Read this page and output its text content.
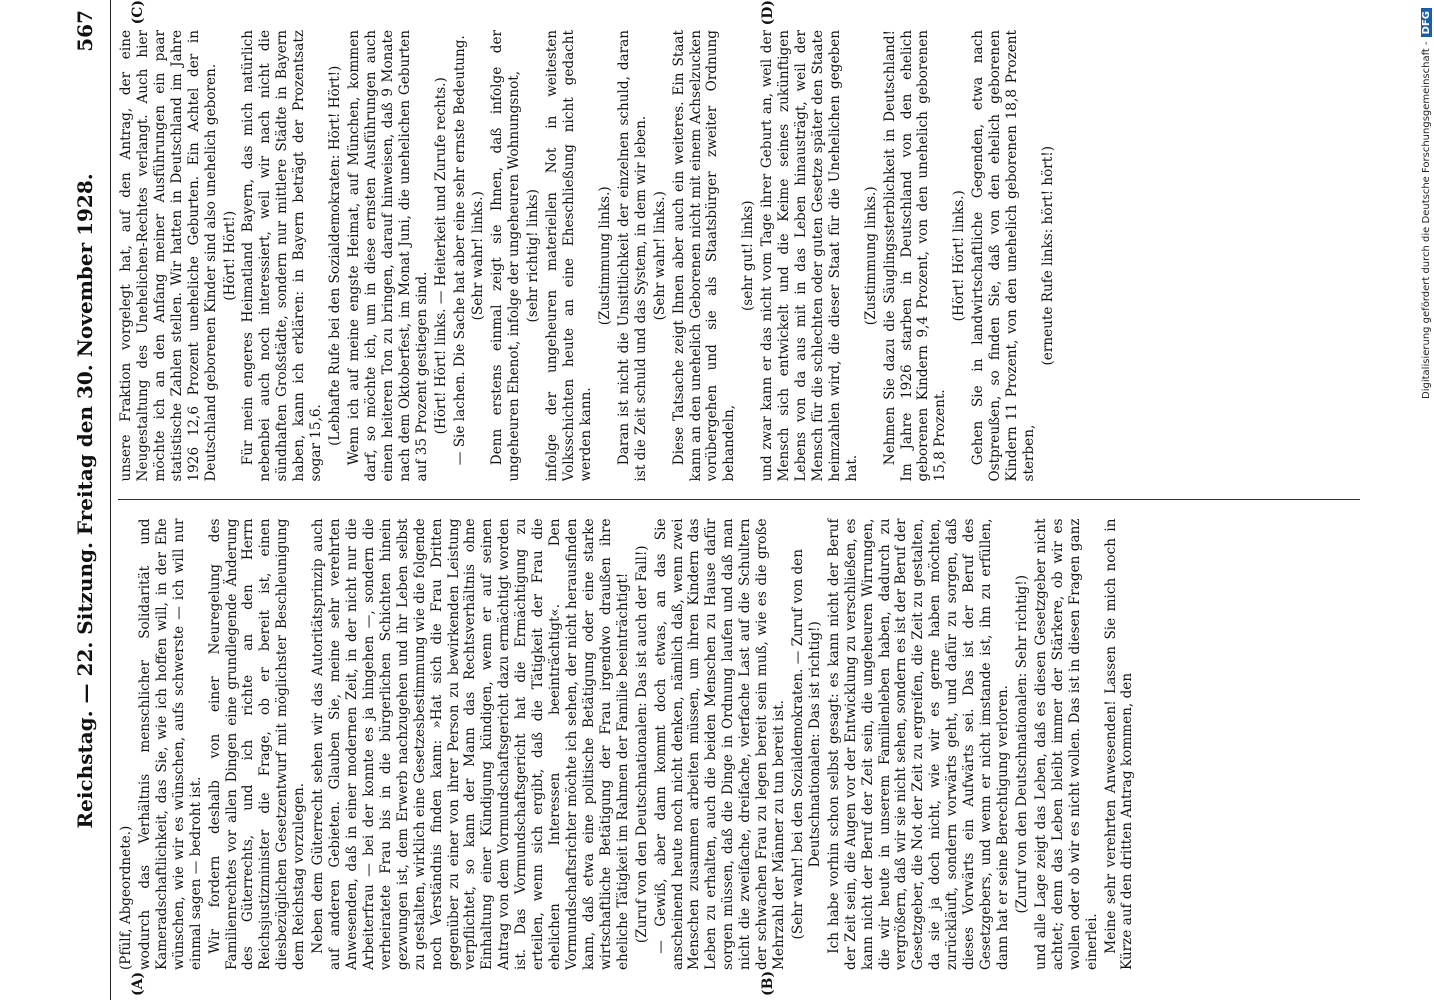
Reichstag. — 22. Sitzung. Freitag den 30. November 1928.
567

(Pfülf, Abgeordnete.) wodurch das Verhältnis menschlicher Solidarität und Kameradschaftlichkeit, das Sie, wie ich hoffen will, in der Ehe wünschen, wie wir es wünschen, aufs schwerste — ich will nur einmal sagen — bedroht ist. Wir fordern deshalb von einer Neuregelung des Familienrechtes vor allen Dingen eine grundlegende Änderung des Güterrechts, und ich richte an den Herrn Reichsjustizminister die Frage, ob er bereit ist, einen diesbezüglichen Gesetzentwurf mit möglichster Beschleunigung dem Reichstag vorzulegen. Neben dem Güterrecht sehen wir das Autoritätsprinzip auch auf anderen Gebieten. Glauben Sie, meine sehr verehrten Anwesenden, daß in einer modernen Zeit, in der nicht nur die Arbeiterfrau — bei der konnte es ja hingehen —, sondern die verheiratete Frau bis in die bürgerlichen Schichten hinein gezwungen ist, dem Erwerb nachzugehen und ihr Leben selbst zu gestalten, wirklich eine Gesetzesbestimmung wie die folgende noch Verständnis finden kann: »Hat sich die Frau Dritten gegenüber zu einer von ihrer Person zu bewirkenden Leistung verpflichtet, so kann der Mann das Rechtsverhältnis ohne Einhaltung einer Kündigung kündigen, wenn er auf seinen Antrag von dem Vormundschaftsgericht dazu ermächtigt worden ist. Das Vormundschaftsgericht hat die Ermächtigung zu erteilen, wenn sich ergibt, daß die Tätigkeit der Frau die ehelichen Interessen beeinträchtigt«. Den Vormundschaftsrichter möchte ich sehen, der nicht herausfinden kann, daß etwa eine politische Betätigung oder eine starke wirtschaftliche Betätigung der Frau irgendwo draußen ihre eheliche Tätigkeit im Rahmen der Familie beeinträchtigt! (Zuruf von den Deutschnationalen: Das ist auch der Fall!) — Gewiß, aber dann kommt doch etwas, an das Sie anscheinend heute noch nicht denken, nämlich daß, wenn zwei Menschen zusammen arbeiten müssen, um ihren Kindern das Leben zu erhalten, auch die beiden Menschen zu Hause dafür sorgen müssen, daß die Dinge in Ordnung laufen und daß man nicht die zweifache, dreifache, vierfache Last auf die Schultern der schwachen Frau zu legen bereit sein muß, wie es die große Mehrzahl der Männer zu tun bereit ist. (Sehr wahr! bei den Sozialdemokraten. — Zuruf von den Deutschnationalen: Das ist richtig!) Ich habe vorhin schon selbst gesagt: es kann nicht der Beruf der Zeit sein, die Augen vor der Entwicklung zu verschließen, es kann nicht der Beruf der Zeit sein, die ungeheuren Wirrungen, die wir heute in unserem Familienleben haben, dadurch zu vergrößern, daß wir sie nicht sehen, sondern es ist der Beruf der Gesetzgeber, die Not der Zeit zu ergreifen, die Zeit zu gestalten, da sie ja doch nicht, wie wir es gerne haben möchten, zurückläuft, sondern vorwärts geht, und dafür zu sorgen, daß dieses Vorwärts ein Aufwärts sei. Das ist der Beruf des Gesetzgebers, und wenn er nicht imstande ist, ihn zu erfüllen, dann hat er seine Berechtigung verloren. (Zuruf von den Deutschnationalen: Sehr richtig!) und alle Lage zeigt das Leben, daß es diesen Gesetzgeber nicht achtet; denn das Leben bleibt immer der Stärkere, ob wir es wollen oder ob wir es nicht wollen. Das ist in diesen Fragen ganz einerlei. Meine sehr verehrten Anwesenden! Lassen Sie mich noch in Kürze auf den dritten Antrag kommen, den

unsere Fraktion vorgelegt hat, auf den Antrag, der eine Neugestaltung des Unehelichen-Rechtes verlangt. Auch hier möchte ich an den Anfang meiner Ausführungen ein paar statistische Zahlen stellen. Wir hatten in Deutschland im Jahre 1926 12,6 Prozent uneheliche Geburten. Ein Achtel der in Deutschland geborenen Kinder sind also unehelich geboren. (Hört! Hört!) Für mein engeres Heimatland Bayern, das mich natürlich nebenbei auch noch interessiert, weil wir nach nicht die sündhaften Großstädte, sondern nur mittlere Städte in Bayern haben, kann ich erklären: in Bayern beträgt der Prozentsatz sogar 15,6. (Lebhafte Rufe bei den Sozialdemokraten: Hört! Hört!) Wenn ich auf meine engste Heimat, auf München, kommen darf, so möchte ich, um in diese ernsten Ausführungen auch einen heiteren Ton zu bringen, darauf hinweisen, daß 9 Monate nach dem Oktoberfest, im Monat Juni, die unehelichen Geburten auf 35 Prozent gestiegen sind. (Hört! Hört! links. — Heiterkeit und Zurufe rechts.) — Sie lachen. Die Sache hat aber eine sehr ernste Bedeutung. (Sehr wahr! links.) Denn erstens einmal zeigt sie Ihnen, daß infolge der ungeheuren Ehenot, infolge der ungeheuren Wohnungsnot, (sehr richtig! links) infolge der ungeheuren materiellen Not in weitesten Volksschichten heute an eine Eheschließung nicht gedacht werden kann.

(Zustimmung links.) Daran ist nicht die Unsittlichkeit der einzelnen schuld, daran ist die Zeit schuld und das System, in dem wir leben. (Sehr wahr! links.) Diese Tatsache zeigt Ihnen aber auch ein weiteres. Ein Staat kann an den unehelich Geborenen nicht mit einem Achselzucken vorübergehen und sie als Staatsbürger zweiter Ordnung behandeln,

(sehr gut! links) und zwar kann er das nicht vom Tage ihrer Geburt an, weil der Mensch sich entwickelt und die Keime seines zukünftigen Lebens von da aus mit in das Leben hinausträgt, weil der Mensch für die schlechten oder guten Gesetze später den Staate heimzahlen wird, die dieser Staat für die Unehelichen gegeben hat.

(Zustimmung links.) Nehmen Sie dazu die Säuglingssterblichkeit in Deutschland! Im Jahre 1926 starben in Deutschland von den ehelich geborenen Kindern 9,4 Prozent, von den unehelich geborenen 15,8 Prozent.

(Hört! Hört! links.) Gehen Sie in landwirtschaftliche Gegenden, etwa nach Ostpreußen, so finden Sie, daß von den ehelich geborenen Kindern 11 Prozent, von den unehelich geborenen 18,8 Prozent sterben,

(erneute Rufe links: hört! hört!)

(A)	(B)
(C)	(D)
Digitalisierung gefördert durch die Deutsche Forschungsgemeinschaft -
DFG
